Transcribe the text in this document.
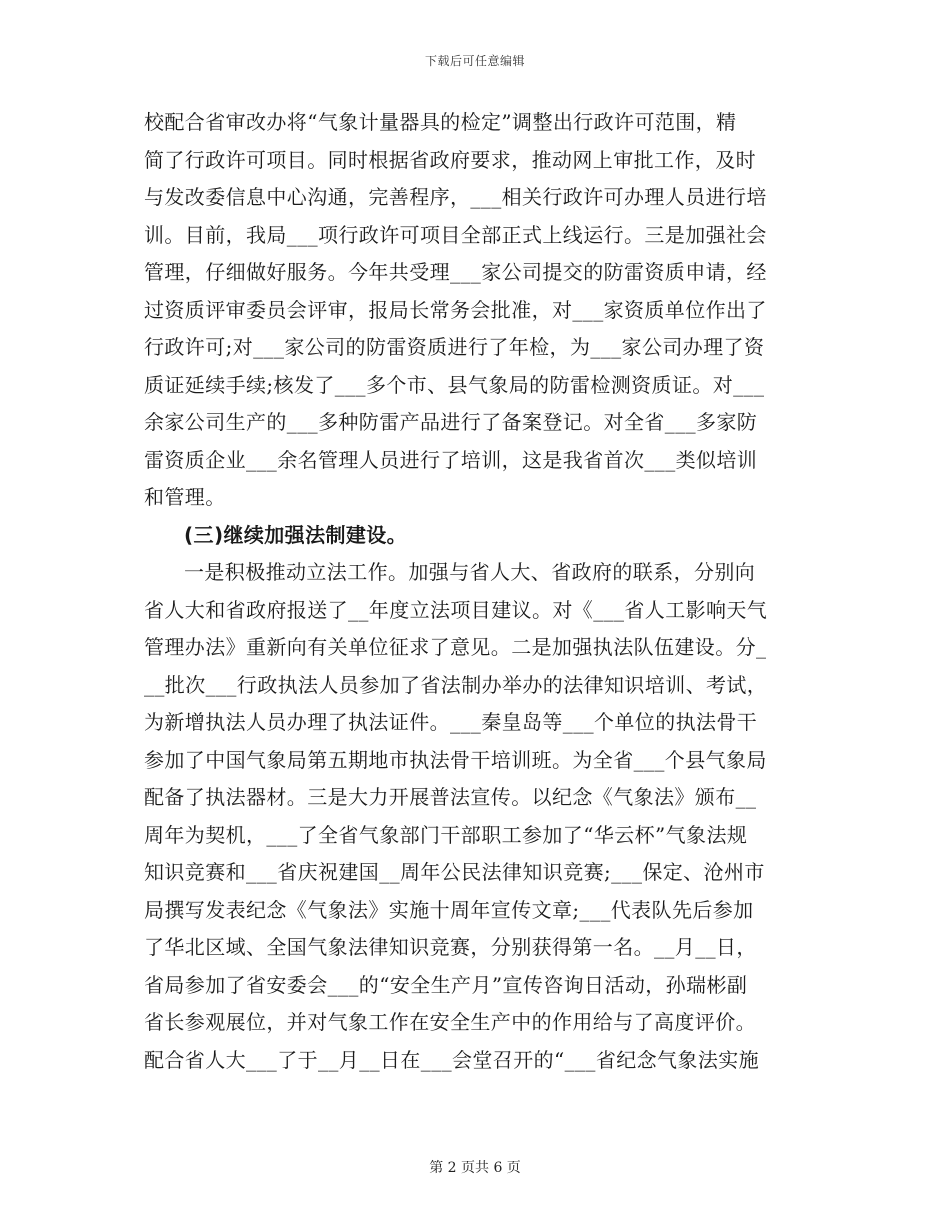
下载后可任意编辑
校配合省审改办将“气象计量器具的检定”调整出行政许可范围，精
简了行政许可项目。同时根据省政府要求，推动网上审批工作，及时
与发改委信息中心沟通，完善程序，___相关行政许可办理人员进行培
训。目前，我局___项行政许可项目全部正式上线运行。三是加强社会
管理，仔细做好服务。今年共受理___家公司提交的防雷资质申请，经
过资质评审委员会评审，报局长常务会批准，对___家资质单位作出了
行政许可;对___家公司的防雷资质进行了年检，为___家公司办理了资
质证延续手续;核发了___多个市、县气象局的防雷检测资质证。对___
余家公司生产的___多种防雷产品进行了备案登记。对全省___多家防
雷资质企业___余名管理人员进行了培训，这是我省首次___类似培训
和管理。
(三)继续加强法制建设。
一是积极推动立法工作。加强与省人大、省政府的联系，分别向
省人大和省政府报送了__年度立法项目建议。对《___省人工影响天气
管理办法》重新向有关单位征求了意见。二是加强执法队伍建设。分_
__批次___行政执法人员参加了省法制办举办的法律知识培训、考试，
为新增执法人员办理了执法证件。___秦皇岛等___个单位的执法骨干
参加了中国气象局第五期地市执法骨干培训班。为全省___个县气象局
配备了执法器材。三是大力开展普法宣传。以纪念《气象法》颁布__
周年为契机，___了全省气象部门干部职工参加了“华云杯”气象法规
知识竞赛和___省庆祝建国__周年公民法律知识竞赛;___保定、沧州市
局撰写发表纪念《气象法》实施十周年宣传文章;___代表队先后参加
了华北区域、全国气象法律知识竞赛，分别获得第一名。__月__日，
省局参加了省安委会___的“安全生产月”宣传咨询日活动，孙瑞彬副
省长参观展位，并对气象工作在安全生产中的作用给与了高度评价。
配合省人大___了于__月__日在___会堂召开的“___省纪念气象法实施
第 2 页共 6 页
